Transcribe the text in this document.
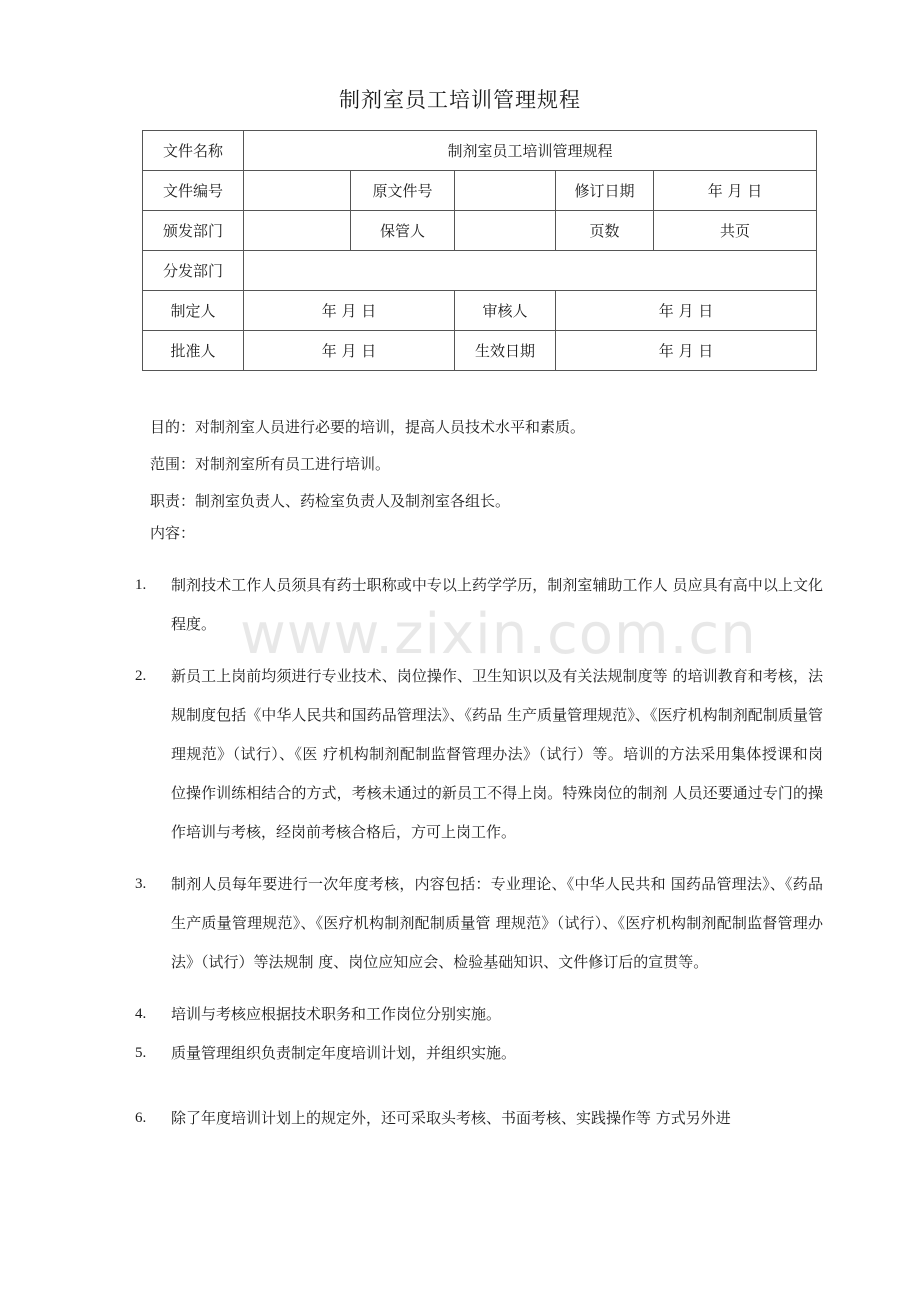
制剂室员工培训管理规程
文件名称	制剂室员工培训管理规程				
文件编号		原文件号		修订日期	年 月 日
颁发部门		保管人		页数	共页
分发部门					
制定人	年 月 日		审核人	年 月 日	
批准人	年 月 日		生效日期	年 月 日	
目的：对制剂室人员进行必要的培训，提高人员技术水平和素质。
范围：对制剂室所有员工进行培训。
职责：制剂室负责人、药检室负责人及制剂室各组长。
内容：
1. 制剂技术工作人员须具有药士职称或中专以上药学学历，制剂室辅助工作人 员应具有高中以上文化程度。
2. 新员工上岗前均须进行专业技术、岗位操作、卫生知识以及有关法规制度等 的培训教育和考核，法规制度包括《中华人民共和国药品管理法》、《药品 生产质量管理规范》、《医疗机构制剂配制质量管理规范》（试行）、《医 疗机构制剂配制监督管理办法》（试行）等。培训的方法采用集体授课和岗 位操作训练相结合的方式，考核未通过的新员工不得上岗。特殊岗位的制剂 人员还要通过专门的操作培训与考核，经岗前考核合格后，方可上岗工作。
3. 制剂人员每年要进行一次年度考核，内容包括：专业理论、《中华人民共和 国药品管理法》、《药品生产质量管理规范》、《医疗机构制剂配制质量管 理规范》（试行）、《医疗机构制剂配制监督管理办法》（试行）等法规制 度、岗位应知应会、检验基础知识、文件修订后的宣贯等。
4. 培训与考核应根据技术职务和工作岗位分别实施。
5. 质量管理组织负责制定年度培训计划，并组织实施。
6. 除了年度培训计划上的规定外，还可采取头考核、书面考核、实践操作等 方式另外进
www.zixin.com.cn
